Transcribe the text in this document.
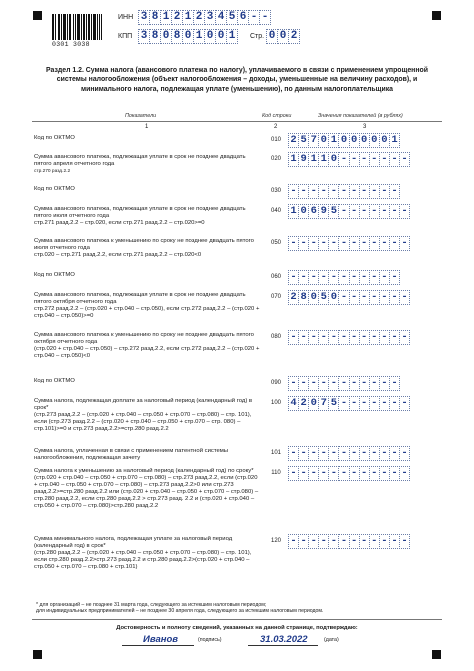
0301 3038
ИНН 3 8 1 2 1 2 3 4 5 6 - -
КПП 3 8 0 8 0 1 0 0 1	Стр. 0 0 2
Раздел 1.2. Сумма налога (авансового платежа по налогу), уплачиваемого в связи с применением упрощенной системы налогообложения (объект налогообложения – доходы, уменьшенные на величину расходов), и минимального налога, подлежащая уплате (уменьшению), по данным налогоплательщика
Показатели	Код строки	Значения показателей (в рублях)
1	2	3
Код по ОКТМО	010 2 5 7 0 1 0 0 0 0 0 1
Сумма авансового платежа, подлежащая уплате в срок не позднее двадцать пятого апреля отчетного года
стр.270 разд.2.2
020 1 9 1 1 0 - - - - - - -
Код по ОКТМО	030 - - - - - - - - - - -
Сумма авансового платежа, подлежащая уплате в срок не позднее двадцать пятого июля отчетного года
стр.271 разд.2.2 – стр.020, если стр.271 разд.2.2 – стр.020>=0
040 1 0 6 9 5 - - - - - - -
Сумма авансового платежа к уменьшению по сроку не позднее двадцать пятого июля отчетного года
стр.020 – стр.271 разд.2.2, если стр.271 разд.2.2 – стр.020<0
050 - - - - - - - - - - - -
Код по ОКТМО	060 - - - - - - - - - - -
Сумма авансового платежа, подлежащая уплате в срок не позднее двадцать пятого октября отчетного года
стр.272 разд.2.2 – (стр.020 + стр.040 – стр.050), если стр.272 разд.2.2 – (стр.020 + стр.040 – стр.050)>=0
070 2 8 0 5 0 - - - - - - -
Сумма авансового платежа к уменьшению по сроку не позднее двадцать пятого октября отчетного года
(стр.020 + стр.040 – стр.050) – стр.272 разд.2.2, если стр.272 разд.2.2 – (стр.020 + стр.040 – стр.050)<0
080 - - - - - - - - - - - -
Код по ОКТМО	090 - - - - - - - - - - -
Сумма налога, подлежащая доплате за налоговый период (календарный год) в срок*
(стр.273 разд.2.2 – (стр.020 + стр.040 – стр.050 + стр.070 – стр.080) – стр. 101), если (стр.273 разд.2.2 – (стр.020 + стр.040 – стр.050 + стр.070 – стр. 080) – стр.101)>=0 и стр.273 разд.2.2>=стр.280 разд.2.2
100 4 2 0 7 5 - - - - - - -
Сумма налога, уплаченная в связи с применением патентной системы налогообложения, подлежащая зачету
101 - - - - - - - - - - - -
Сумма налога к уменьшению за налоговый период (календарный год) по сроку*
(стр.020 + стр.040 – стр.050 + стр.070 – стр.080) – стр.273 разд.2.2, если (стр.020 + стр.040 – стр.050 + стр.070 – стр.080) – стр.273 разд.2.2>0 или стр.273 разд.2.2>=стр.280 разд.2.2 или (стр.020 + стр.040 – стр.050 + стр.070 – стр.080) – стр.280 разд.2.2, если стр.280 разд.2.2 > стр.273 разд. 2.2 и (стр.020 + стр.040 – стр.050 + стр.070 – стр.080)>стр.280 разд.2.2
110 - - - - - - - - - - - -
Сумма минимального налога, подлежащая уплате за налоговый период (календарный год) в срок*
(стр.280 разд.2.2 – (стр.020 + стр.040 – стр.050 + стр.070 – стр.080) – стр. 101), если стр.280 разд.2.2>стр.273 разд.2.2 и стр.280 разд.2.2>(стр.020 + стр.040 – стр.050 + стр.070 – стр.080 + стр.101)
120 - - - - - - - - - - - -
* для организаций – не позднее 31 марта года, следующего за истекшим налоговым периодом;
для индивидуальных предпринимателей – не позднее 30 апреля года, следующего за истекшим налоговым периодом.
Достоверность и полноту сведений, указанных на данной странице, подтверждаю:
Иванов	(подпись)	31.03.2022	(дата)
